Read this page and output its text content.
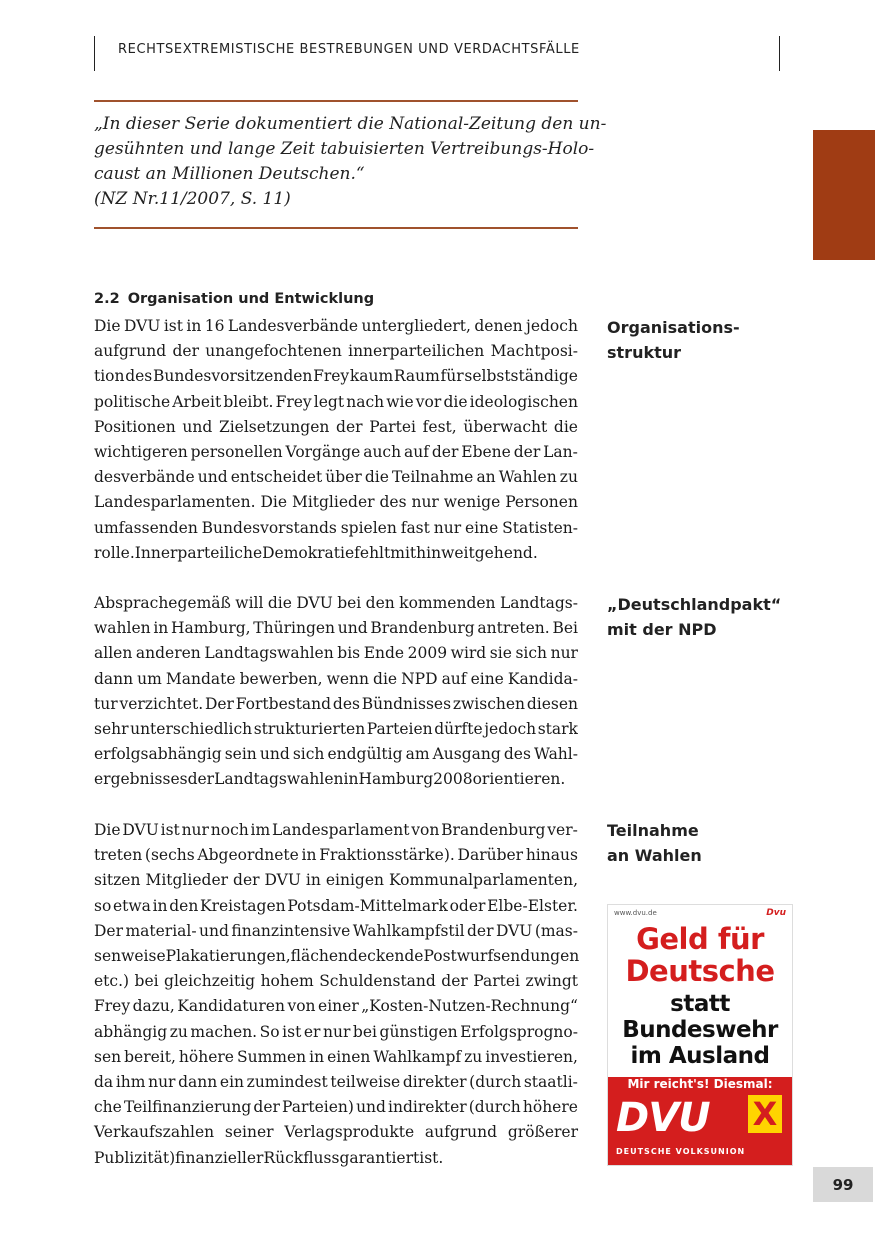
RECHTSEXTREMISTISCHE BESTREBUNGEN UND VERDACHTSFÄLLE
„In dieser Serie dokumentiert die National-Zeitung den un-
gesühnten und lange Zeit tabuisierten Vertreibungs-Holo-
caust an Millionen Deutschen.“
(NZ Nr.11/2007, S. 11)
2.2 Organisation und Entwicklung
Die DVU ist in 16 Landesverbände untergliedert, denen jedoch
aufgrund der unangefochtenen innerparteilichen Machtposi-
tion des Bundesvorsitzenden Frey kaum Raum für selbstständige
politische Arbeit bleibt. Frey legt nach wie vor die ideologischen
Positionen und Zielsetzungen der Partei fest, überwacht die
wichtigeren personellen Vorgänge auch auf der Ebene der Lan-
desverbände und entscheidet über die Teilnahme an Wahlen zu
Landesparlamenten. Die Mitglieder des nur wenige Personen
umfassenden Bundesvorstands spielen fast nur eine Statisten-
rolle. Innerparteiliche Demokratie fehlt mithin weitgehend.
Absprachegemäß will die DVU bei den kommenden Landtags-
wahlen in Hamburg, Thüringen und Brandenburg antreten. Bei
allen anderen Landtagswahlen bis Ende 2009 wird sie sich nur
dann um Mandate bewerben, wenn die NPD auf eine Kandida-
tur verzichtet. Der Fortbestand des Bündnisses zwischen diesen
sehr unterschiedlich strukturierten Parteien dürfte jedoch stark
erfolgsabhängig sein und sich endgültig am Ausgang des Wahl-
ergebnisses der Landtagswahlen in Hamburg 2008 orientieren.
Die DVU ist nur noch im Landesparlament von Brandenburg ver-
treten (sechs Abgeordnete in Fraktionsstärke). Darüber hinaus
sitzen Mitglieder der DVU in einigen Kommunalparlamenten,
so etwa in den Kreistagen Potsdam-Mittelmark oder Elbe-Elster.
Der material- und finanzintensive Wahlkampfstil der DVU (mas-
senweise Plakatierungen, flächendeckende Postwurfsendungen
etc.) bei gleichzeitig hohem Schuldenstand der Partei zwingt
Frey dazu, Kandidaturen von einer „Kosten-Nutzen-Rechnung“
abhängig zu machen. So ist er nur bei günstigen Erfolgsprogno-
sen bereit, höhere Summen in einen Wahlkampf zu investieren,
da ihm nur dann ein zumindest teilweise direkter (durch staatli-
che Teilfinanzierung der Parteien) und indirekter (durch höhere
Verkaufszahlen seiner Verlagsprodukte aufgrund größerer
Publizität) finanzieller Rückfluss garantiert ist.
Organisations-
struktur
„Deutschlandpakt“
mit der NPD
Teilnahme
an Wahlen
www.dvu.de	Dvu
Geld für
Deutsche
statt
Bundeswehr
im Ausland
Mir reicht's! Diesmal:
DVU X
DEUTSCHE VOLKSUNION
99
